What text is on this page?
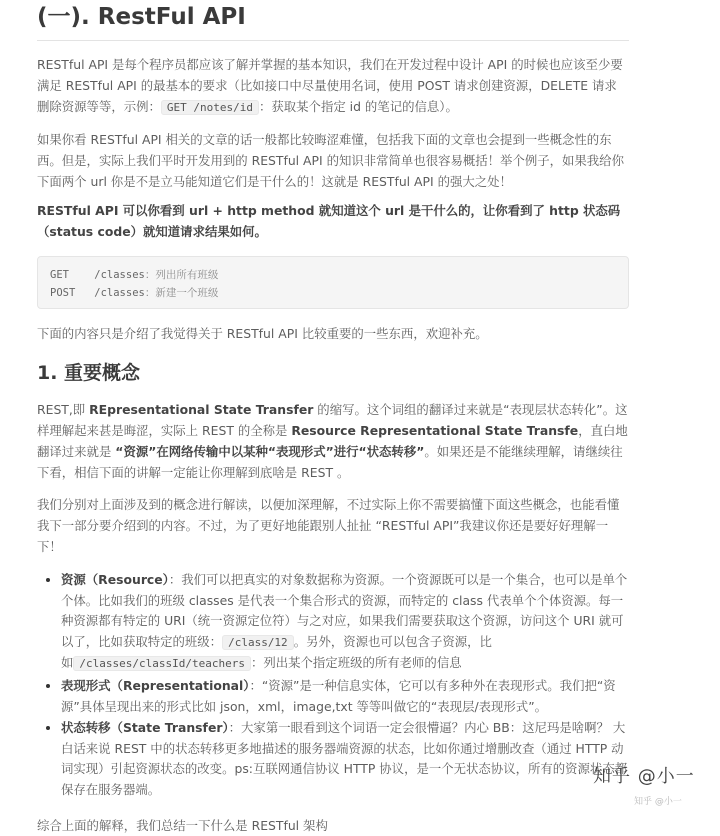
(一). RestFul API

RESTful API 是每个程序员都应该了解并掌握的基本知识，我们在开发过程中设计 API 的时候也应该至少要满足 RESTful API 的最基本的要求（比如接口中尽量使用名词，使用 POST 请求创建资源，DELETE 请求删除资源等等，示例： GET /notes/id ：获取某个指定 id 的笔记的信息）。

如果你看 RESTful API 相关的文章的话一般都比较晦涩难懂，包括我下面的文章也会提到一些概念性的东西。但是，实际上我们平时开发用到的 RESTful API 的知识非常简单也很容易概括！举个例子，如果我给你下面两个 url 你是不是立马能知道它们是干什么的！这就是 RESTful API 的强大之处！

RESTful API 可以你看到 url + http method 就知道这个 url 是干什么的，让你看到了 http 状态码（status code）就知道请求结果如何。

GET /classes：列出所有班级
POST /classes：新建一个班级

下面的内容只是介绍了我觉得关于 RESTful API 比较重要的一些东西，欢迎补充。

1. 重要概念

REST,即 REpresentational State Transfer 的缩写。这个词组的翻译过来就是“表现层状态转化”。这样理解起来甚是晦涩，实际上 REST 的全称是 Resource Representational State Transfe，直白地翻译过来就是 “资源”在网络传输中以某种“表现形式”进行“状态转移”。如果还是不能继续理解，请继续往下看，相信下面的讲解一定能让你理解到底啥是 REST 。

我们分别对上面涉及到的概念进行解读，以便加深理解，不过实际上你不需要搞懂下面这些概念，也能看懂我下一部分要介绍到的内容。不过，为了更好地能跟别人扯扯 “RESTful API”我建议你还是要好好理解一下！

• 资源（Resource）：我们可以把真实的对象数据称为资源。一个资源既可以是一个集合，也可以是单个个体。比如我们的班级 classes 是代表一个集合形式的资源，而特定的 class 代表单个个体资源。每一种资源都有特定的 URI（统一资源定位符）与之对应，如果我们需要获取这个资源，访问这个 URI 就可以了，比如获取特定的班级： /class/12 。另外，资源也可以包含子资源，比如 /classes/classId/teachers ：列出某个指定班级的所有老师的信息
• 表现形式（Representational）：“资源”是一种信息实体，它可以有多种外在表现形式。我们把“资源”具体呈现出来的形式比如 json，xml，image,txt 等等叫做它的“表现层/表现形式”。
• 状态转移（State Transfer）：大家第一眼看到这个词语一定会很懵逼？内心 BB：这尼玛是啥啊？ 大白话来说 REST 中的状态转移更多地描述的服务器端资源的状态，比如你通过增删改查（通过 HTTP 动词实现）引起资源状态的改变。ps:互联网通信协议 HTTP 协议，是一个无状态协议，所有的资源状态都保存在服务器端。

综合上面的解释，我们总结一下什么是 RESTful 架构

知乎 @小一
知乎 @小一
